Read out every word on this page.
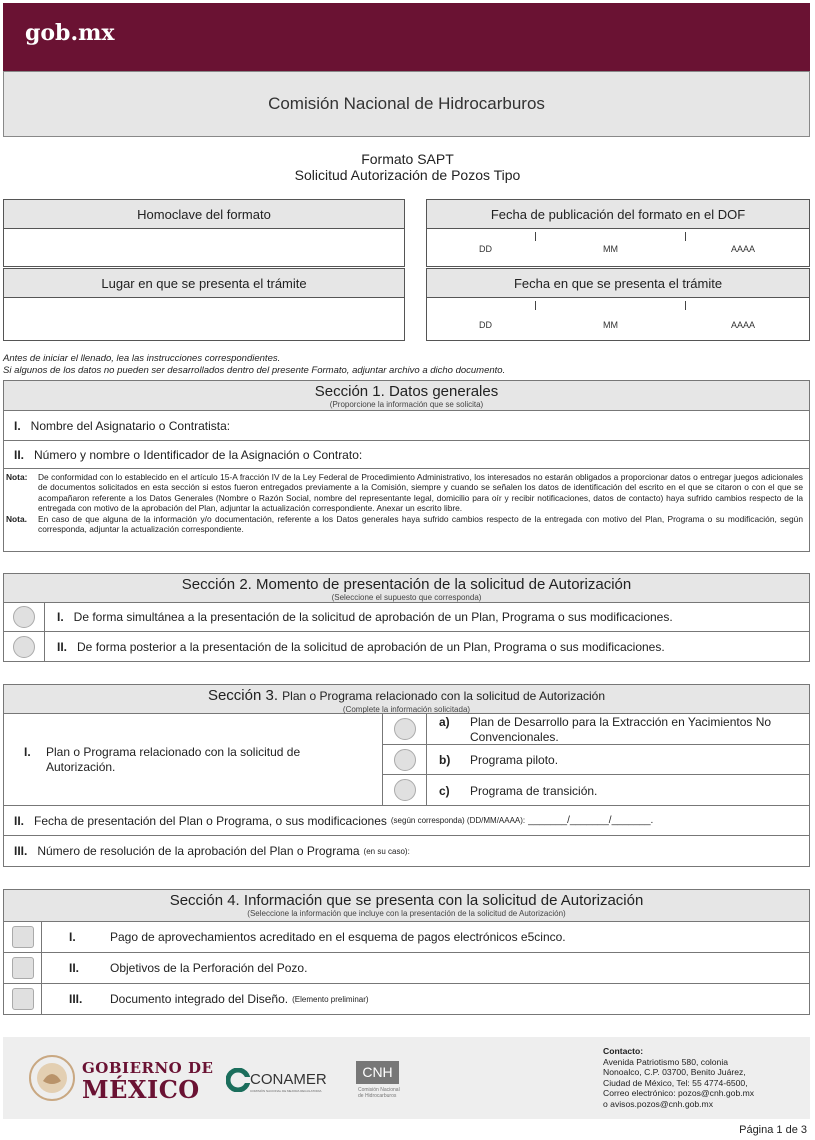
gob.mx
Comisión Nacional de Hidrocarburos
Formato SAPT
Solicitud Autorización de Pozos Tipo
Homoclave del formato	Fecha de publicación del formato en el DOF
DD	MM	AAAA
Lugar en que se presenta el trámite	Fecha en que se presenta el trámite
DD	MM	AAAA
Antes de iniciar el llenado, lea las instrucciones correspondientes.
Si algunos de los datos no pueden ser desarrollados dentro del presente Formato, adjuntar archivo a dicho documento.
Sección 1. Datos generales
(Proporcione la información que se solicita)
I. Nombre del Asignatario o Contratista:
II. Número y nombre o Identificador de la Asignación o Contrato:
Nota:	De conformidad con lo establecido en el artículo 15-A fracción IV de la Ley Federal de Procedimiento Administrativo, los interesados no estarán obligados a proporcionar datos o entregar juegos adicionales de documentos solicitados en esta sección si estos fueron entregados previamente a la Comisión, siempre y cuando se señalen los datos de identificación del escrito en el que se citaron o con el que se acompañaron referente a los Datos Generales (Nombre o Razón Social, nombre del representante legal, domicilio para oír y recibir notificaciones, datos de contacto) haya sufrido cambios respecto de la entregada con motivo de la aprobación del Plan, adjuntar la actualización correspondiente. Anexar un escrito libre.
Nota.	En caso de que alguna de la información y/o documentación, referente a los Datos generales haya sufrido cambios respecto de la entregada con motivo del Plan, Programa o su modificación, según corresponda, adjuntar la actualización correspondiente.
Sección 2. Momento de presentación de la solicitud de Autorización
(Seleccione el supuesto que corresponda)
I. De forma simultánea a la presentación de la solicitud de aprobación de un Plan, Programa o sus modificaciones.
II. De forma posterior a la presentación de la solicitud de aprobación de un Plan, Programa o sus modificaciones.
Sección 3. Plan o Programa relacionado con la solicitud de Autorización
(Complete la información solicitada)
I. Plan o Programa relacionado con la solicitud de Autorización.
a) Plan de Desarrollo para la Extracción en Yacimientos No Convencionales.
b) Programa piloto.
c) Programa de transición.
II. Fecha de presentación del Plan o Programa, o sus modificaciones (según corresponda) (DD/MM/AAAA): _______/_______/_______.
III. Número de resolución de la aprobación del Plan o Programa (en su caso):
Sección 4. Información que se presenta con la solicitud de Autorización
(Seleccione la información que incluye con la presentación de la solicitud de Autorización)
I.	Pago de aprovechamientos acreditado en el esquema de pagos electrónicos e5cinco.
II.	Objetivos de la Perforación del Pozo.
III.	Documento integrado del Diseño. (Elemento preliminar)
GOBIERNO DE
MÉXICO	CONAMER
COMISIÓN NACIONAL DE MEJORA REGULATORIA
CNH
Comisión Nacional
de Hidrocarburos
Contacto:
Avenida Patriotismo 580, colonia
Nonoalco, C.P. 03700, Benito Juárez,
Ciudad de México, Tel: 55 4774-6500,
Correo electrónico: pozos@cnh.gob.mx
o avisos.pozos@cnh.gob.mx
Página 1 de 3
